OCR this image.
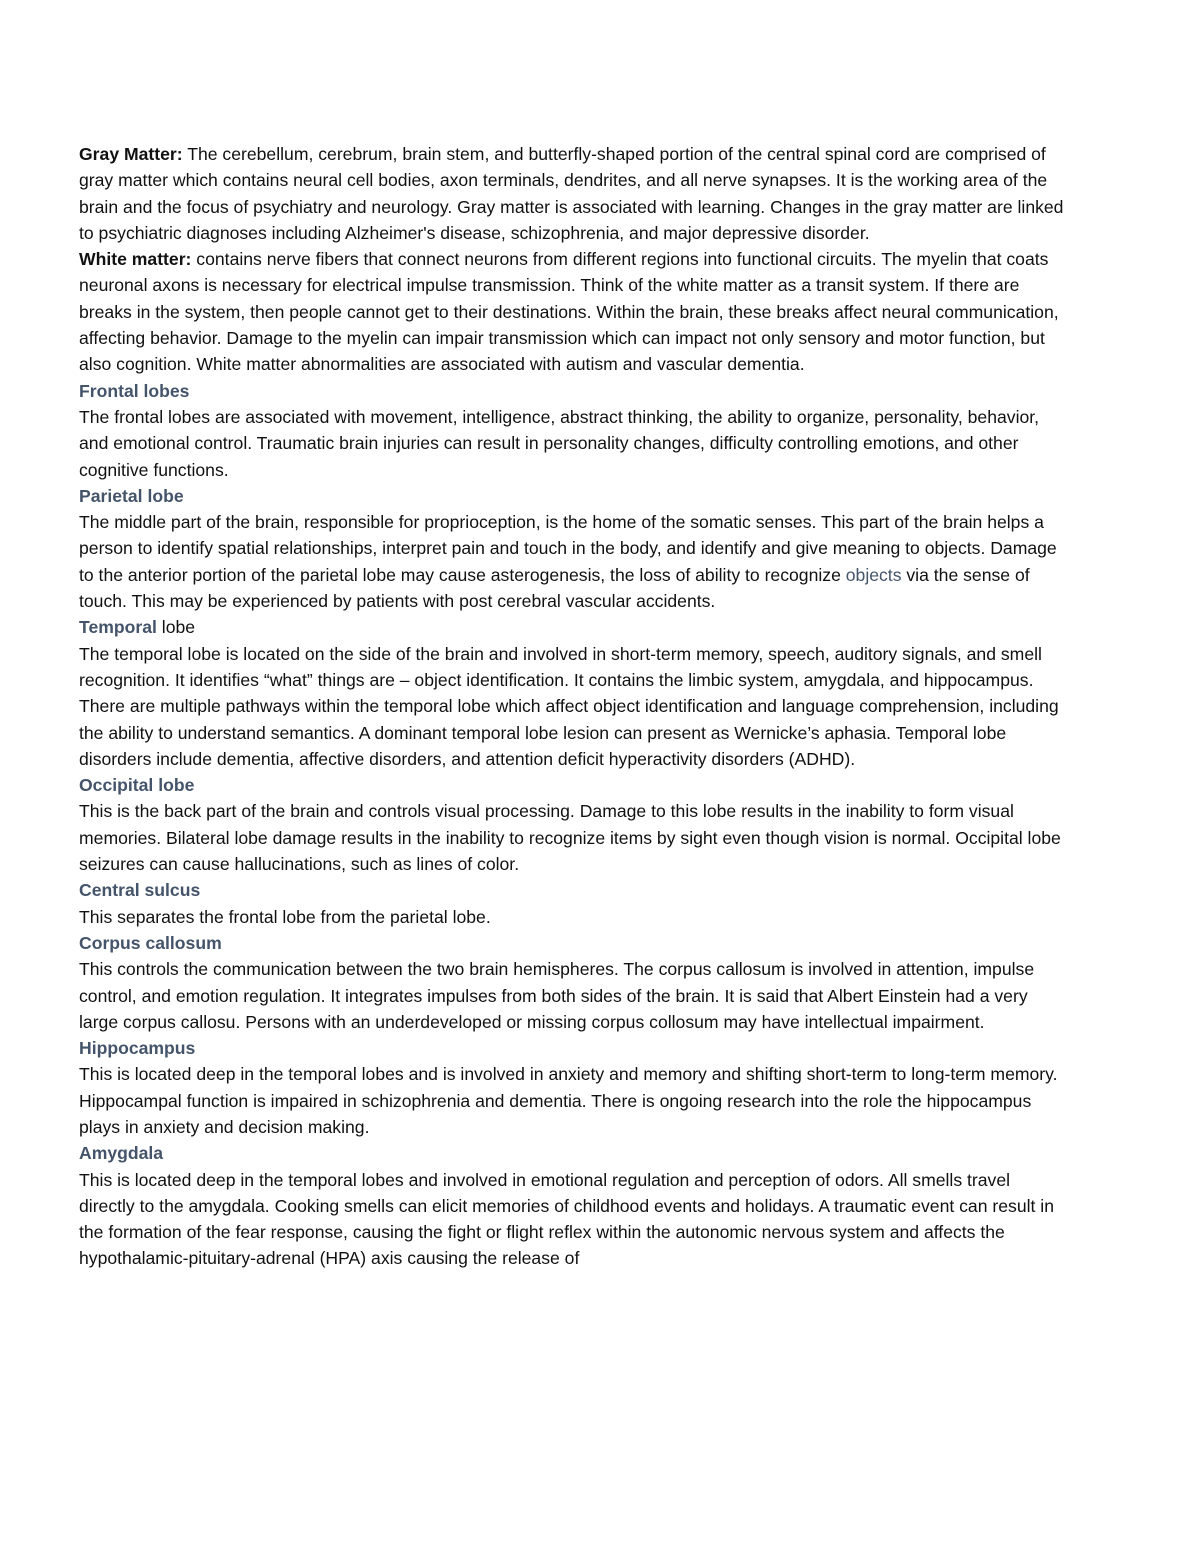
Gray Matter: The cerebellum, cerebrum, brain stem, and butterfly-shaped portion of the central spinal cord are comprised of gray matter which contains neural cell bodies, axon terminals, dendrites, and all nerve synapses. It is the working area of the brain and the focus of psychiatry and neurology. Gray matter is associated with learning. Changes in the gray matter are linked to psychiatric diagnoses including Alzheimer's disease, schizophrenia, and major depressive disorder.

White matter: contains nerve fibers that connect neurons from different regions into functional circuits. The myelin that coats neuronal axons is necessary for electrical impulse transmission. Think of the white matter as a transit system. If there are breaks in the system, then people cannot get to their destinations. Within the brain, these breaks affect neural communication, affecting behavior. Damage to the myelin can impair transmission which can impact not only sensory and motor function, but also cognition. White matter abnormalities are associated with autism and vascular dementia.

Frontal lobes

The frontal lobes are associated with movement, intelligence, abstract thinking, the ability to organize, personality, behavior, and emotional control. Traumatic brain injuries can result in personality changes, difficulty controlling emotions, and other cognitive functions.

Parietal lobe

The middle part of the brain, responsible for proprioception, is the home of the somatic senses. This part of the brain helps a person to identify spatial relationships, interpret pain and touch in the body, and identify and give meaning to objects. Damage to the anterior portion of the parietal lobe may cause asterogenesis, the loss of ability to recognize objects via the sense of touch. This may be experienced by patients with post cerebral vascular accidents.

Temporal lobe

The temporal lobe is located on the side of the brain and involved in short-term memory, speech, auditory signals, and smell recognition. It identifies “what” things are – object identification. It contains the limbic system, amygdala, and hippocampus. There are multiple pathways within the temporal lobe which affect object identification and language comprehension, including the ability to understand semantics. A dominant temporal lobe lesion can present as Wernicke’s aphasia. Temporal lobe disorders include dementia, affective disorders, and attention deficit hyperactivity disorders (ADHD).

Occipital lobe

This is the back part of the brain and controls visual processing. Damage to this lobe results in the inability to form visual memories. Bilateral lobe damage results in the inability to recognize items by sight even though vision is normal. Occipital lobe seizures can cause hallucinations, such as lines of color.

Central sulcus

This separates the frontal lobe from the parietal lobe.

Corpus callosum

This controls the communication between the two brain hemispheres. The corpus callosum is involved in attention, impulse control, and emotion regulation. It integrates impulses from both sides of the brain. It is said that Albert Einstein had a very large corpus callosu. Persons with an underdeveloped or missing corpus collosum may have intellectual impairment.

Hippocampus

This is located deep in the temporal lobes and is involved in anxiety and memory and shifting short-term to long-term memory. Hippocampal function is impaired in schizophrenia and dementia. There is ongoing research into the role the hippocampus plays in anxiety and decision making.

Amygdala

This is located deep in the temporal lobes and involved in emotional regulation and perception of odors. All smells travel directly to the amygdala. Cooking smells can elicit memories of childhood events and holidays. A traumatic event can result in the formation of the fear response, causing the fight or flight reflex within the autonomic nervous system and affects the hypothalamic-pituitary-adrenal (HPA) axis causing the release of
